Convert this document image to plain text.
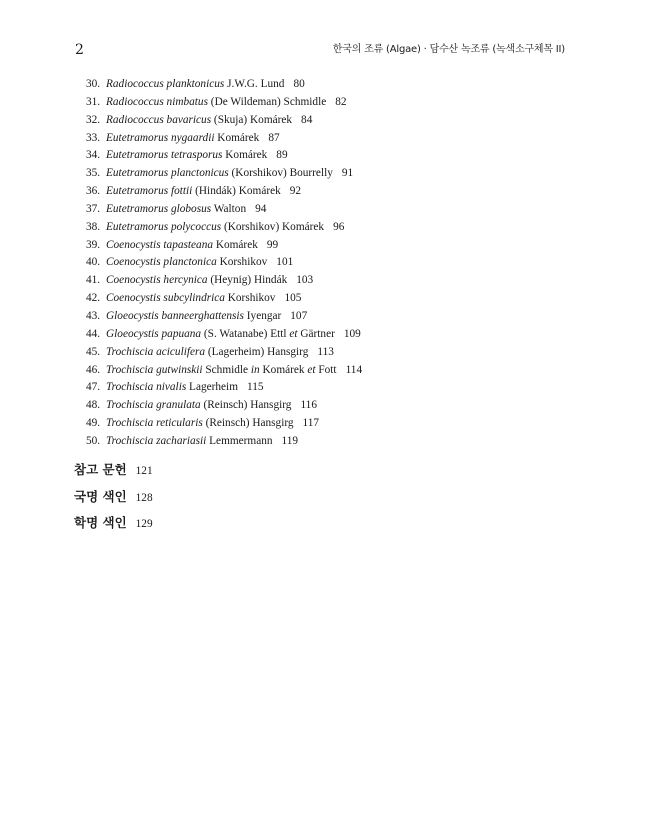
2	한국의 조류 (Algae) · 담수산 녹조류 (녹색소구체목 II)
30. Radiococcus planktonicus J.W.G. Lund 80
31. Radiococcus nimbatus (De Wildeman) Schmidle 82
32. Radiococcus bavaricus (Skuja) Komárek 84
33. Eutetramorus nygaardii Komárek 87
34. Eutetramorus tetrasporus Komárek 89
35. Eutetramorus planctonicus (Korshikov) Bourrelly 91
36. Eutetramorus fottii (Hindák) Komárek 92
37. Eutetramorus globosus Walton 94
38. Eutetramorus polycoccus (Korshikov) Komárek 96
39. Coenocystis tapasteana Komárek 99
40. Coenocystis planctonica Korshikov 101
41. Coenocystis hercynica (Heynig) Hindák 103
42. Coenocystis subcylindrica Korshikov 105
43. Gloeocystis banneerghattensis Iyengar 107
44. Gloeocystis papuana (S. Watanabe) Ettl et Gärtner 109
45. Trochiscia aciculifera (Lagerheim) Hansgirg 113
46. Trochiscia gutwinskii Schmidle in Komárek et Fott 114
47. Trochiscia nivalis Lagerheim 115
48. Trochiscia granulata (Reinsch) Hansgirg 116
49. Trochiscia reticularis (Reinsch) Hansgirg 117
50. Trochiscia zachariasii Lemmermann 119
참고 문헌 121
국명 색인 128
학명 색인 129
